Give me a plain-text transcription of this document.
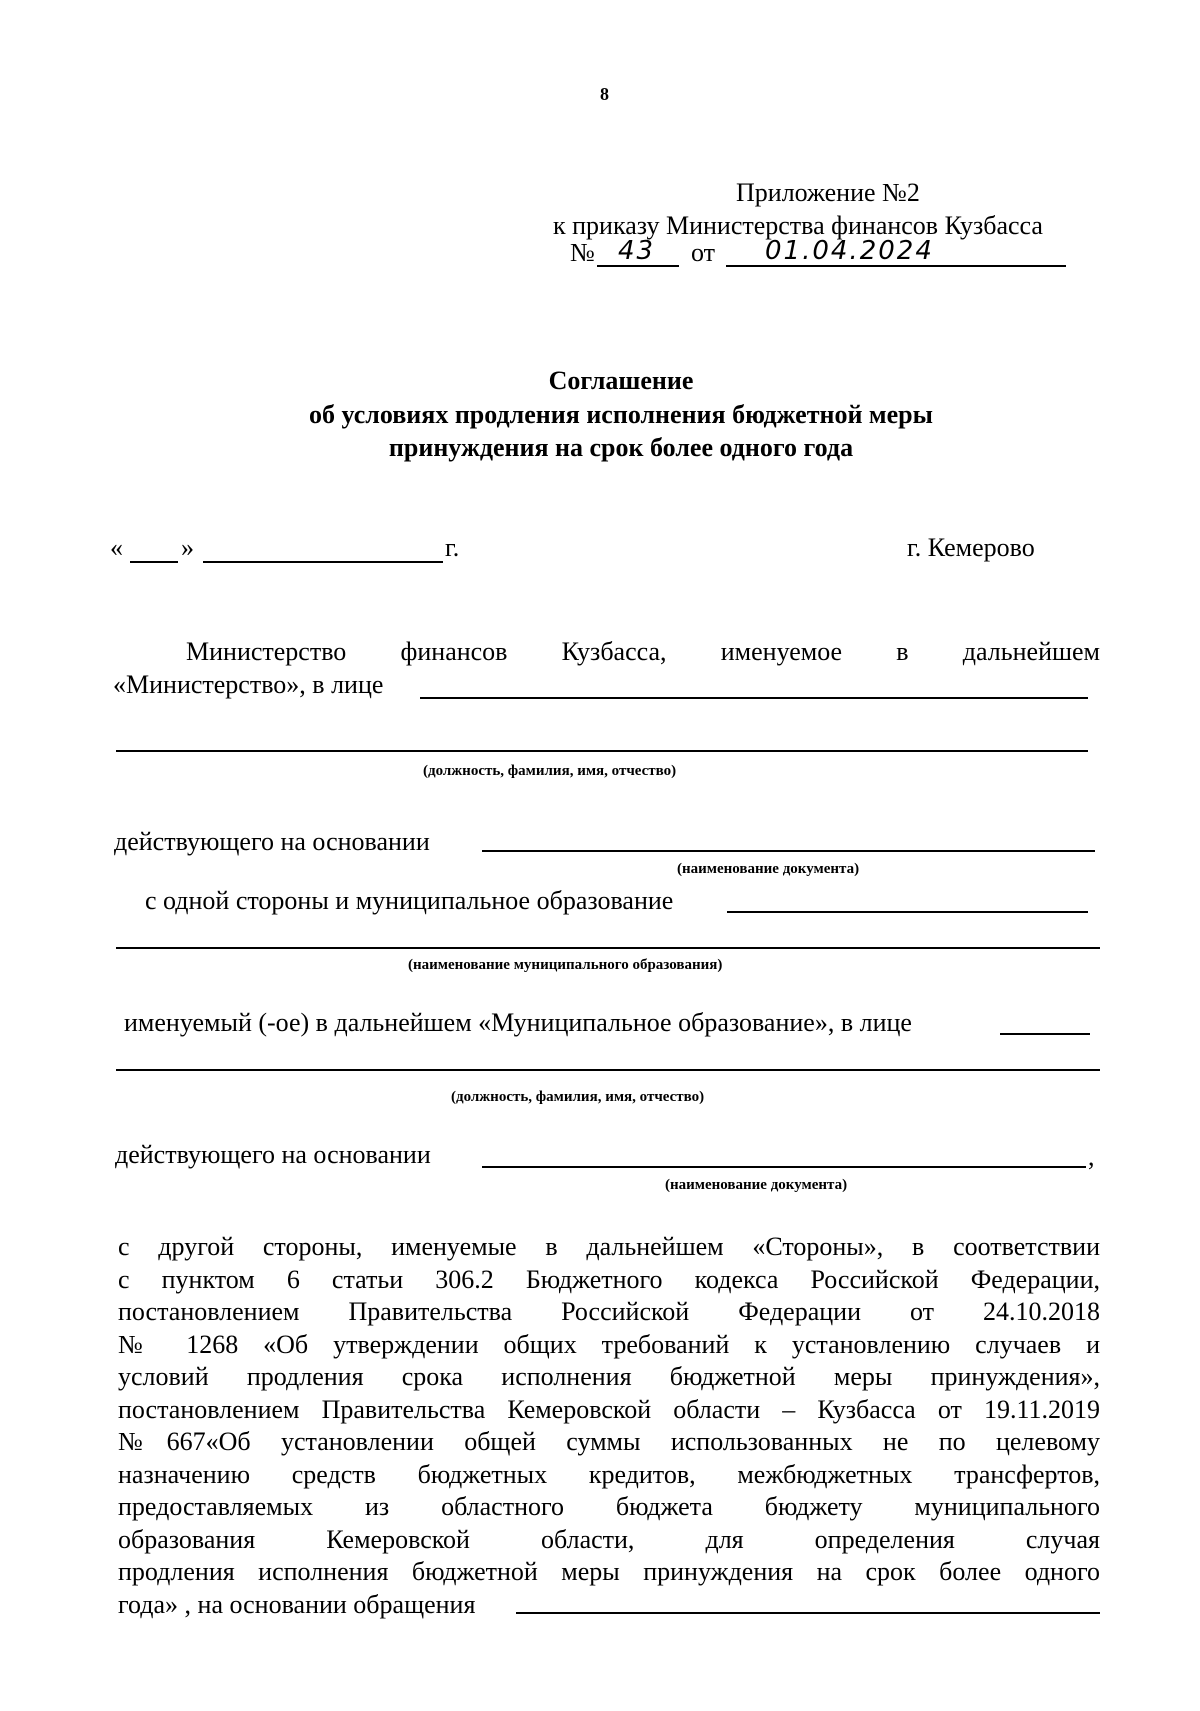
8
Приложение №2
к приказу Министерства финансов Кузбасса
№ 43 от 01.04.2024
Соглашение
об условиях продления исполнения бюджетной меры
принуждения на срок более одного года
« »	г.	г. Кемерово
Министерство финансов Кузбасса, именуемое в дальнейшем
«Министерство», в лице
(должность, фамилия, имя, отчество)
действующего на основании
(наименование документа)
с одной стороны и муниципальное образование
(наименование муниципального образования)
именуемый (-ое) в дальнейшем «Муниципальное образование», в лице
(должность, фамилия, имя, отчество)
действующего на основании	,
(наименование документа)
с другой стороны, именуемые в дальнейшем «Стороны», в соответствии
с пунктом 6 статьи 306.2 Бюджетного кодекса Российской Федерации,
постановлением Правительства Российской Федерации от 24.10.2018
№ 1268 «Об утверждении общих требований к установлению случаев и
условий продления срока исполнения бюджетной меры принуждения»,
постановлением Правительства Кемеровской области – Кузбасса от 19.11.2019
№667«Об установлении общей суммы использованных не по целевому
назначению средств бюджетных кредитов, межбюджетных трансфертов,
предоставляемых из областного бюджета бюджету муниципального
образования Кемеровской области, для определения случая
продления исполнения бюджетной меры принуждения на срок более одного
года» , на основании обращения
